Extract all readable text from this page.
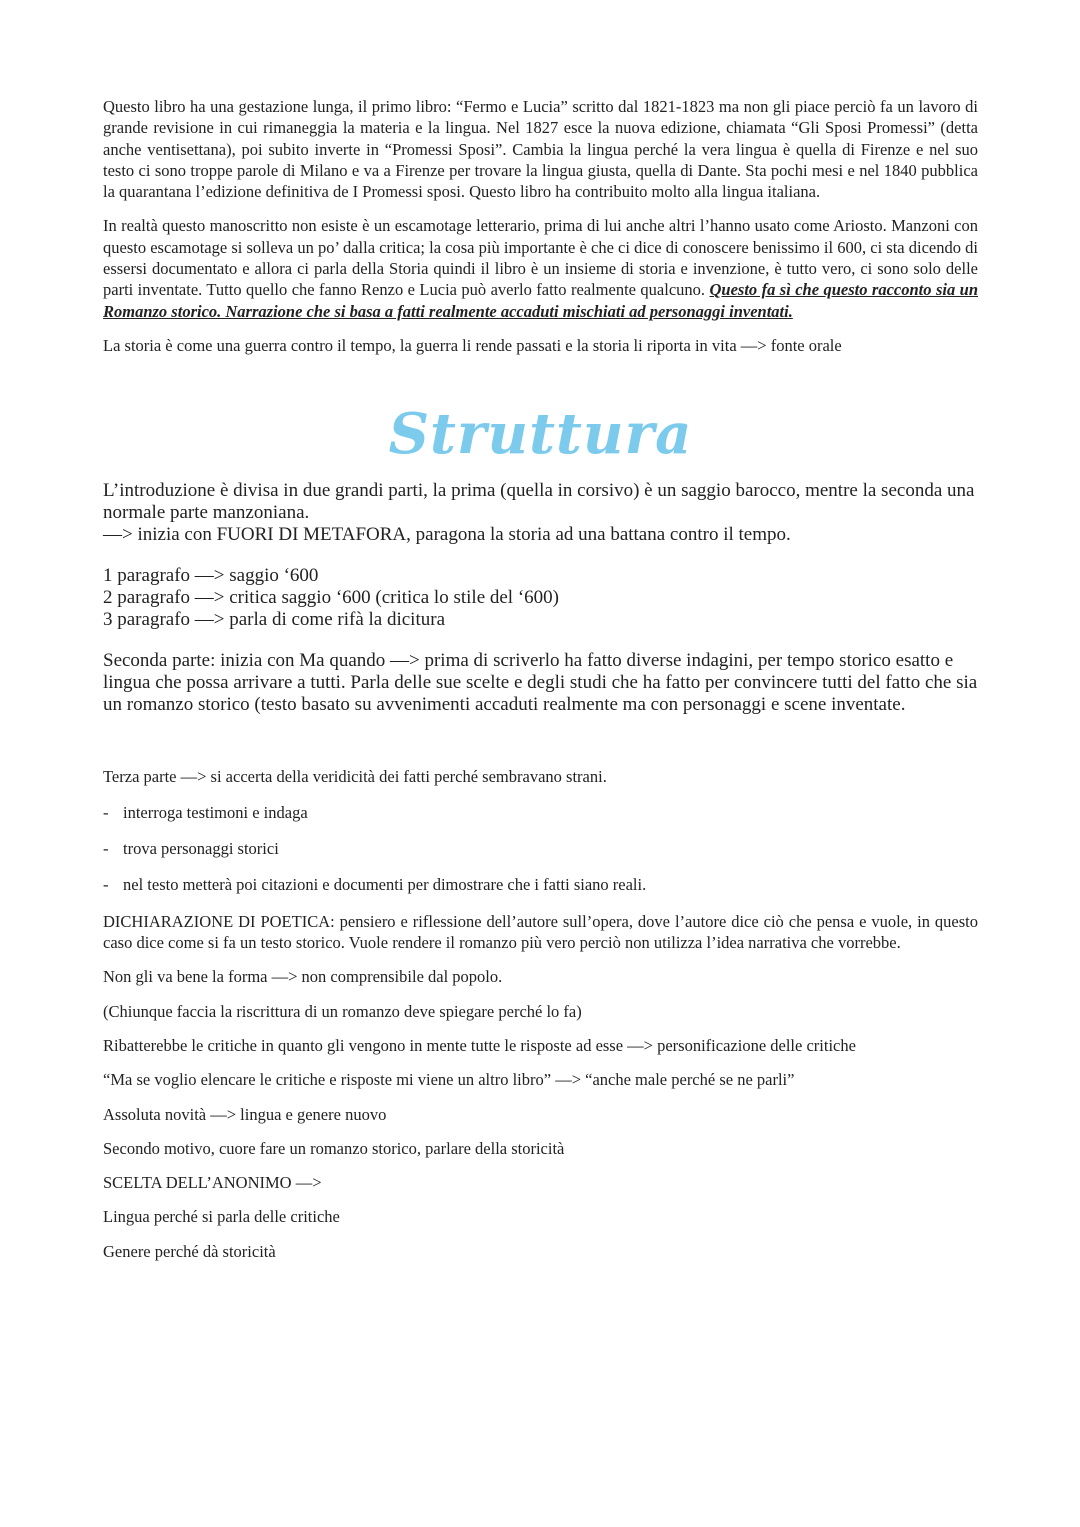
Questo libro ha una gestazione lunga, il primo libro: “Fermo e Lucia” scritto dal 1821-1823 ma non gli piace perciò fa un lavoro di grande revisione in cui rimaneggia la materia e la lingua. Nel 1827 esce la nuova edizione, chiamata “Gli Sposi Promessi” (detta anche ventisettana), poi subito inverte in “Promessi Sposi”. Cambia la lingua perché la vera lingua è quella di Firenze e nel suo testo ci sono troppe parole di Milano e va a Firenze per trovare la lingua giusta, quella di Dante. Sta pochi mesi e nel 1840 pubblica la quarantana l’edizione definitiva de I Promessi sposi. Questo libro ha contribuito molto alla lingua italiana.

In realtà questo manoscritto non esiste è un escamotage letterario, prima di lui anche altri l’hanno usato come Ariosto. Manzoni con questo escamotage si solleva un po’ dalla critica; la cosa più importante è che ci dice di conoscere benissimo il 600, ci sta dicendo di essersi documentato e allora ci parla della Storia quindi il libro è un insieme di storia e invenzione, è tutto vero, ci sono solo delle parti inventate. Tutto quello che fanno Renzo e Lucia può averlo fatto realmente qualcuno. Questo fa sì che questo racconto sia un Romanzo storico. Narrazione che si basa a fatti realmente accaduti mischiati ad personaggi inventati.

La storia è come una guerra contro il tempo, la guerra li rende passati e la storia li riporta in vita —> fonte orale

Struttura

L’introduzione è divisa in due grandi parti, la prima (quella in corsivo) è un saggio barocco, mentre la seconda una normale parte manzoniana.

—> inizia con FUORI DI METAFORA, paragona la storia ad una battana contro il tempo.

1 paragrafo —> saggio ‘600

2 paragrafo —> critica saggio ‘600 (critica lo stile del ‘600)

3 paragrafo —> parla di come rifà la dicitura

Seconda parte: inizia con Ma quando —> prima di scriverlo ha fatto diverse indagini, per tempo storico esatto e lingua che possa arrivare a tutti. Parla delle sue scelte e degli studi che ha fatto per convincere tutti del fatto che sia un romanzo storico (testo basato su avvenimenti accaduti realmente ma con personaggi e scene inventate.

Terza parte —> si accerta della veridicità dei fatti perché sembravano strani.

- interroga testimoni e indaga
- trova personaggi storici
- nel testo metterà poi citazioni e documenti per dimostrare che i fatti siano reali.

DICHIARAZIONE DI POETICA: pensiero e riflessione dell’autore sull’opera, dove l’autore dice ciò che pensa e vuole, in questo caso dice come si fa un testo storico. Vuole rendere il romanzo più vero perciò non utilizza l’idea narrativa che vorrebbe.

Non gli va bene la forma —> non comprensibile dal popolo.

(Chiunque faccia la riscrittura di un romanzo deve spiegare perché lo fa)

Ribatterebbe le critiche in quanto gli vengono in mente tutte le risposte ad esse —> personificazione delle critiche

“Ma se voglio elencare le critiche e risposte mi viene un altro libro” —> “anche male perché se ne parli”

Assoluta novità —> lingua e genere nuovo

Secondo motivo, cuore fare un romanzo storico, parlare della storicità

SCELTA DELL’ANONIMO —>

Lingua perché si parla delle critiche

Genere perché dà storicità
